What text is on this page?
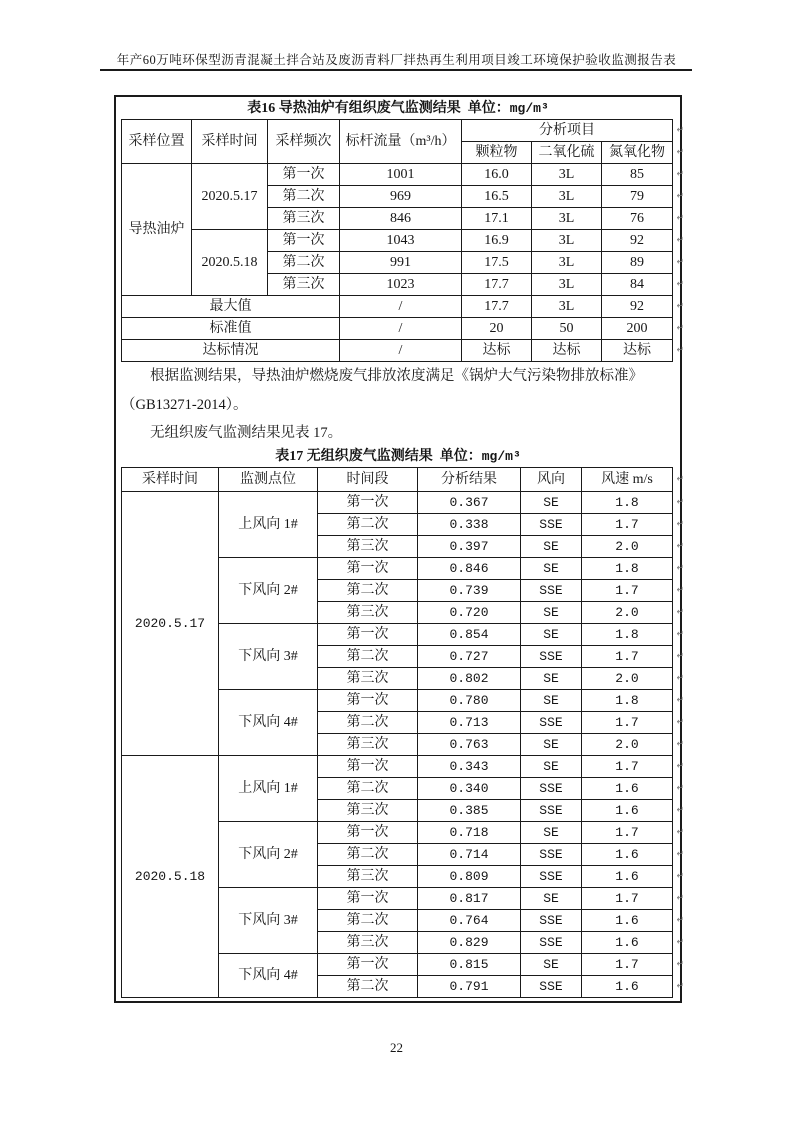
年产60万吨环保型沥青混凝土拌合站及废沥青料厂拌热再生利用项目竣工环境保护验收监测报告表
表16 导热油炉有组织废气监测结果  单位：mg/m³
采样位置	采样时间	采样频次	标杆流量（m³/h）	分析项目 ↵		

				颗粒物	二氧化硫	氮氧化物 ↵

导热油炉	2020.5.17	第一次	1001	16.0	3L	85 ↵

		第二次	969	16.5	3L	79 ↵

		第三次	846	17.1	3L	76 ↵

	2020.5.18	第一次	1043	16.9	3L	92 ↵

		第二次	991	17.5	3L	89 ↵

		第三次	1023	17.7	3L	84 ↵

最大值			/	17.7	3L	92 ↵

标准值			/	20	50	200 ↵

达标情况			/	达标	达标	达标 ↵
根据监测结果，导热油炉燃烧废气排放浓度满足《锅炉大气污染物排放标准》
（GB13271-2014）。
无组织废气监测结果见表 17。
表17 无组织废气监测结果  单位：mg/m³
采样时间	监测点位	时间段	分析结果	风向	风速 m/s ↵

2020.5.17	上风向 1#	第一次	0.367	SE	1.8 ↵

		第二次	0.338	SSE	1.7 ↵

		第三次	0.397	SE	2.0 ↵

	下风向 2#	第一次	0.846	SE	1.8 ↵

		第二次	0.739	SSE	1.7 ↵

		第三次	0.720	SE	2.0 ↵

	下风向 3#	第一次	0.854	SE	1.8 ↵

		第二次	0.727	SSE	1.7 ↵

		第三次	0.802	SE	2.0 ↵

	下风向 4#	第一次	0.780	SE	1.8 ↵

		第二次	0.713	SSE	1.7 ↵

		第三次	0.763	SE	2.0 ↵

2020.5.18	上风向 1#	第一次	0.343	SE	1.7 ↵

		第二次	0.340	SSE	1.6 ↵

		第三次	0.385	SSE	1.6 ↵

	下风向 2#	第一次	0.718	SE	1.7 ↵

		第二次	0.714	SSE	1.6 ↵

		第三次	0.809	SSE	1.6 ↵

	下风向 3#	第一次	0.817	SE	1.7 ↵

		第二次	0.764	SSE	1.6 ↵

		第三次	0.829	SSE	1.6 ↵

	下风向 4#	第一次	0.815	SE	1.7 ↵

		第二次	0.791	SSE	1.6 ↵
22
